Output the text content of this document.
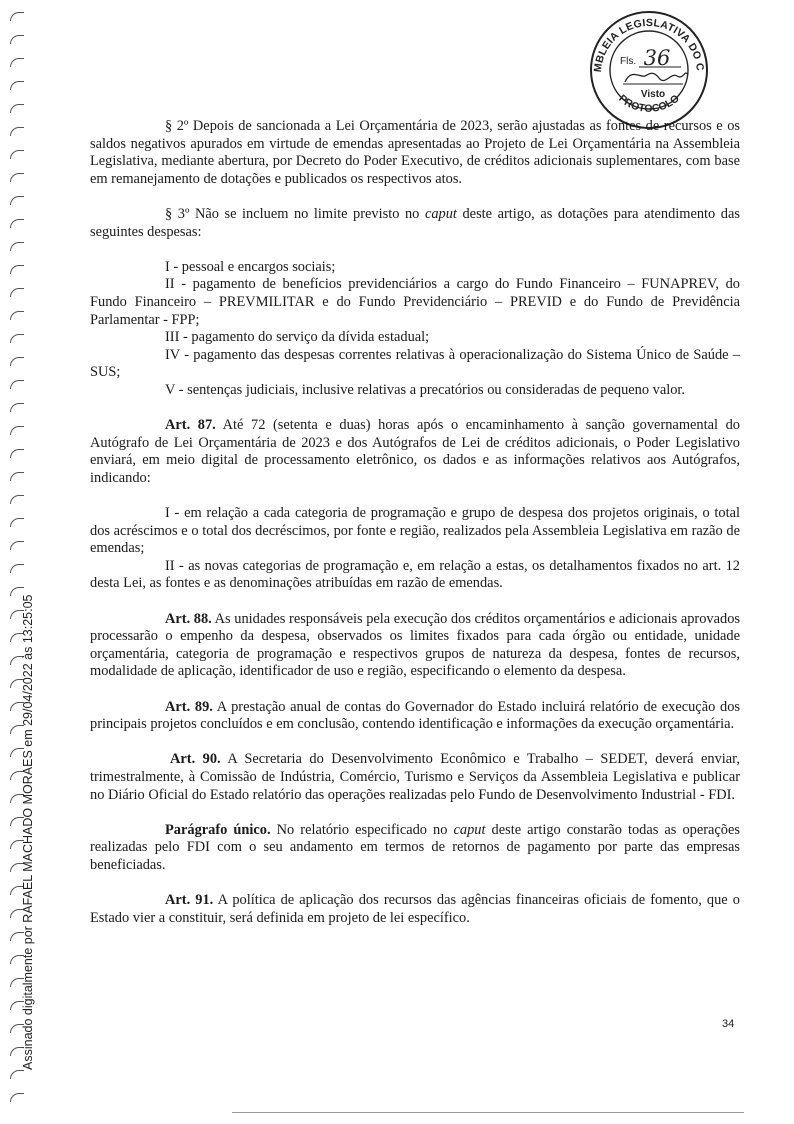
Assinado digitalmente por RAFAEL MACHADO MORAES em 29/04/2022 às 13:25:05
MBLEIA LEGISLATIVA DO C
PROTOCOLO
Fls. 36
Visto

§ 2º Depois de sancionada a Lei Orçamentária de 2023, serão ajustadas as fontes de recursos e os saldos negativos apurados em virtude de emendas apresentadas ao Projeto de Lei Orçamentária na Assembleia Legislativa, mediante abertura, por Decreto do Poder Executivo, de créditos adicionais suplementares, com base em remanejamento de dotações e publicados os respectivos atos.

§ 3º Não se incluem no limite previsto no caput deste artigo, as dotações para atendimento das seguintes despesas:

I - pessoal e encargos sociais;

II - pagamento de benefícios previdenciários a cargo do Fundo Financeiro – FUNAPREV, do Fundo Financeiro – PREVMILITAR e do Fundo Previdenciário – PREVID e do Fundo de Previdência Parlamentar - FPP;

III - pagamento do serviço da dívida estadual;

IV - pagamento das despesas correntes relativas à operacionalização do Sistema Único de Saúde – SUS;

V - sentenças judiciais, inclusive relativas a precatórios ou consideradas de pequeno valor.

Art. 87. Até 72 (setenta e duas) horas após o encaminhamento à sanção governamental do Autógrafo de Lei Orçamentária de 2023 e dos Autógrafos de Lei de créditos adicionais, o Poder Legislativo enviará, em meio digital de processamento eletrônico, os dados e as informações relativos aos Autógrafos, indicando:

I - em relação a cada categoria de programação e grupo de despesa dos projetos originais, o total dos acréscimos e o total dos decréscimos, por fonte e região, realizados pela Assembleia Legislativa em razão de emendas;

II - as novas categorias de programação e, em relação a estas, os detalhamentos fixados no art. 12 desta Lei, as fontes e as denominações atribuídas em razão de emendas.

Art. 88. As unidades responsáveis pela execução dos créditos orçamentários e adicionais aprovados processarão o empenho da despesa, observados os limites fixados para cada órgão ou entidade, unidade orçamentária, categoria de programação e respectivos grupos de natureza da despesa, fontes de recursos, modalidade de aplicação, identificador de uso e região, especificando o elemento da despesa.

Art. 89. A prestação anual de contas do Governador do Estado incluirá relatório de execução dos principais projetos concluídos e em conclusão, contendo identificação e informações da execução orçamentária.

Art. 90. A Secretaria do Desenvolvimento Econômico e Trabalho – SEDET, deverá enviar, trimestralmente, à Comissão de Indústria, Comércio, Turismo e Serviços da Assembleia Legislativa e publicar no Diário Oficial do Estado relatório das operações realizadas pelo Fundo de Desenvolvimento Industrial - FDI.

Parágrafo único. No relatório especificado no caput deste artigo constarão todas as operações realizadas pelo FDI com o seu andamento em termos de retornos de pagamento por parte das empresas beneficiadas.

Art. 91. A política de aplicação dos recursos das agências financeiras oficiais de fomento, que o Estado vier a constituir, será definida em projeto de lei específico.

34
